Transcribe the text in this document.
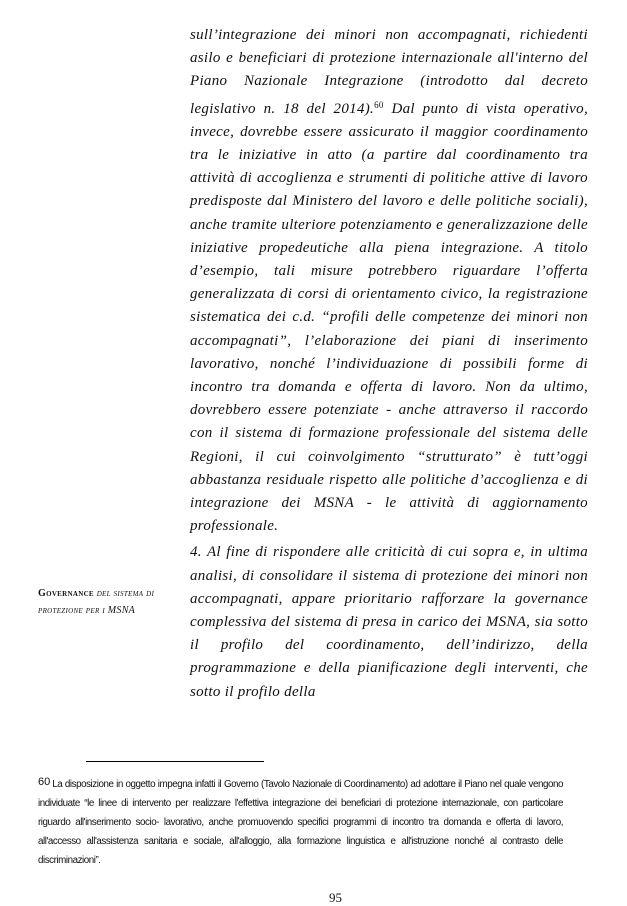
sull’integrazione dei minori non accompagnati, richiedenti asilo e beneficiari di protezione internazionale all'interno del Piano Nazionale Integrazione (introdotto dal decreto legislativo n. 18 del 2014).$^{60}$ Dal punto di vista operativo, invece, dovrebbe essere assicurato il maggior coordinamento tra le iniziative in atto (a partire dal coordinamento tra attività di accoglienza e strumenti di politiche attive di lavoro predisposte dal Ministero del lavoro e delle politiche sociali), anche tramite ulteriore potenziamento e generalizzazione delle iniziative propedeutiche alla piena integrazione. A titolo d’esempio, tali misure potrebbero riguardare l’offerta generalizzata di corsi di orientamento civico, la registrazione sistematica dei c.d. “profili delle competenze dei minori non accompagnati”, l’elaborazione dei piani di inserimento lavorativo, nonché l’individuazione di possibili forme di incontro tra domanda e offerta di lavoro. Non da ultimo, dovrebbero essere potenziate - anche attraverso il raccordo con il sistema di formazione professionale del sistema delle Regioni, il cui coinvolgimento “strutturato” è tutt’oggi abbastanza residuale rispetto alle politiche d’accoglienza e di integrazione dei MSNA - le attività di aggiornamento professionale.

4. Al fine di rispondere alle criticità di cui sopra e, in ultima analisi, di consolidare il sistema di protezione dei minori non accompagnati, appare prioritario rafforzare la governance complessiva del sistema di presa in carico dei MSNA, sia sotto il profilo del coordinamento, dell’indirizzo, della programmazione e della pianificazione degli interventi, che sotto il profilo della

Governance del sistema di protezione per i MSNA
60 La disposizione in oggetto impegna infatti il Governo (Tavolo Nazionale di Coordinamento) ad adottare il Piano nel quale vengono individuate “le linee di intervento per realizzare l'effettiva integrazione dei beneficiari di protezione internazionale, con particolare riguardo all'inserimento socio- lavorativo, anche promuovendo specifici programmi di incontro tra domanda e offerta di lavoro, all'accesso all'assistenza sanitaria e sociale, all'alloggio, alla formazione linguistica e all'istruzione nonché al contrasto delle discriminazioni”.
95
